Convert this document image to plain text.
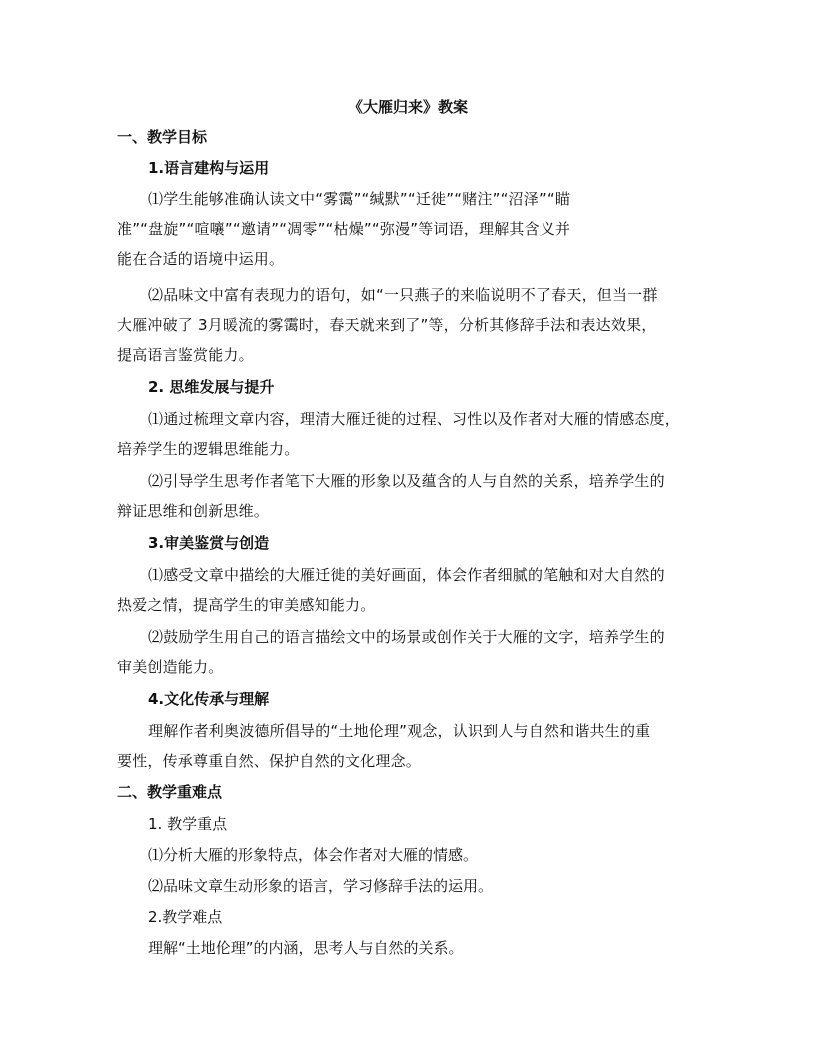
《大雁归来》教案
一、教学目标
1.语言建构与运用
⑴学生能够准确认读文中“雾霭”“缄默”“迁徙”“赌注”“沼泽”“瞄
准”“盘旋”“喧嚷”“邀请”“凋零”“枯燥”“弥漫”等词语，理解其含义并
能在合适的语境中运用。
⑵品味文中富有表现力的语句，如“一只燕子的来临说明不了春天，但当一群
大雁冲破了 3月暖流的雾霭时，春天就来到了”等，分析其修辞手法和表达效果，
提高语言鉴赏能力。
2. 思维发展与提升
⑴通过梳理文章内容，理清大雁迁徙的过程、习性以及作者对大雁的情感态度，
培养学生的逻辑思维能力。
⑵引导学生思考作者笔下大雁的形象以及蕴含的人与自然的关系，培养学生的
辩证思维和创新思维。
3.审美鉴赏与创造
⑴感受文章中描绘的大雁迁徙的美好画面，体会作者细腻的笔触和对大自然的
热爱之情，提高学生的审美感知能力。
⑵鼓励学生用自己的语言描绘文中的场景或创作关于大雁的文字，培养学生的
审美创造能力。
4.文化传承与理解
理解作者利奥波德所倡导的“土地伦理”观念，认识到人与自然和谐共生的重
要性，传承尊重自然、保护自然的文化理念。
二、教学重难点
1. 教学重点
⑴分析大雁的形象特点，体会作者对大雁的情感。
⑵品味文章生动形象的语言，学习修辞手法的运用。
2.教学难点
理解“土地伦理”的内涵，思考人与自然的关系。
